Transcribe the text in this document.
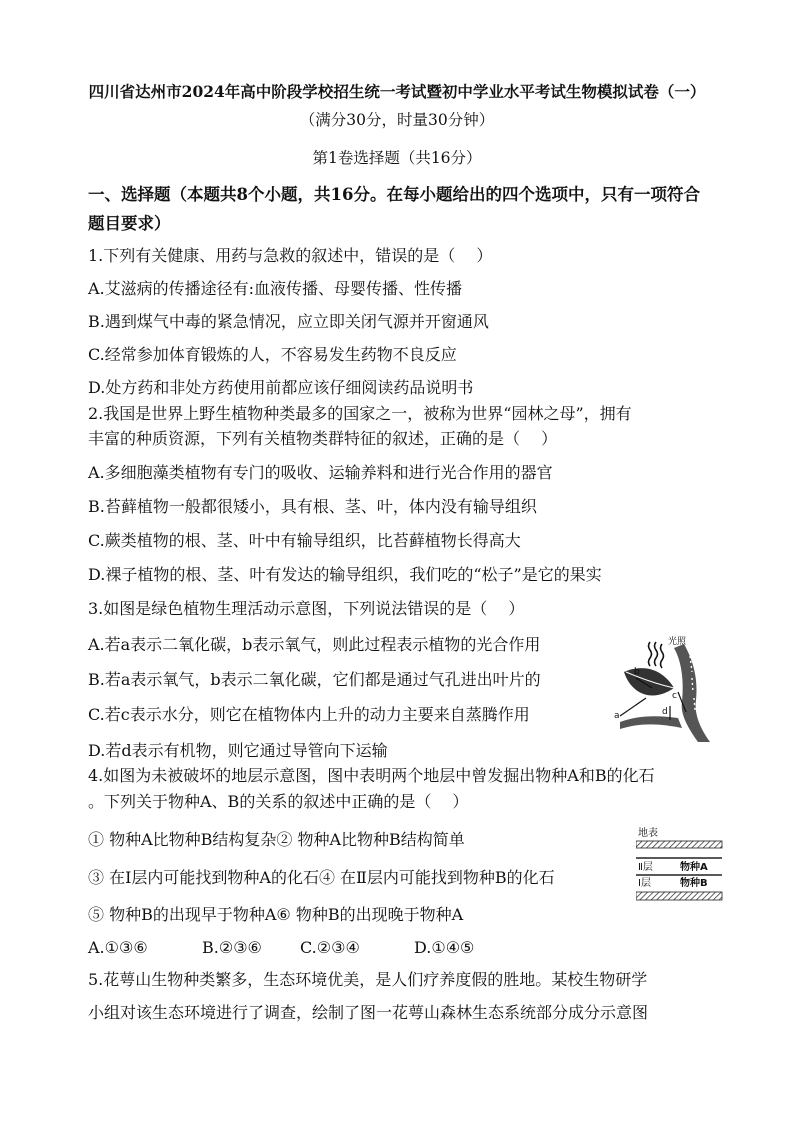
四川省达州市2024年高中阶段学校招生统一考试暨初中学业水平考试生物模拟试卷（一）
（满分30分，时量30分钟）
第1卷选择题（共16分）
一、选择题（本题共8个小题，共16分。在每小题给出的四个选项中，只有一项符合题目要求）
1.下列有关健康、用药与急救的叙述中，错误的是（　 ）
A.艾滋病的传播途径有:血液传播、母婴传播、性传播
B.遇到煤气中毒的紧急情况，应立即关闭气源并开窗通风
C.经常参加体育锻炼的人，不容易发生药物不良反应
D.处方药和非处方药使用前都应该仔细阅读药品说明书
2.我国是世界上野生植物种类最多的国家之一，被称为世界“园林之母”，拥有
丰富的种质资源，下列有关植物类群特征的叙述，正确的是（　 ）
A.多细胞藻类植物有专门的吸收、运输养料和进行光合作用的器官
B.苔藓植物一般都很矮小，具有根、茎、叶，体内没有输导组织
C.蕨类植物的根、茎、叶中有输导组织，比苔藓植物长得高大
D.裸子植物的根、茎、叶有发达的输导组织，我们吃的“松子”是它的果实
3.如图是绿色植物生理活动示意图，下列说法错误的是（　 ）
A.若a表示二氧化碳，b表示氧气，则此过程表示植物的光合作用
B.若a表示氧气，b表示二氧化碳，它们都是通过气孔进出叶片的
C.若c表示水分，则它在植物体内上升的动力主要来自蒸腾作用
D.若d表示有机物，则它通过导管向下运输
光照
b
a
c
d
4.如图为未被破坏的地层示意图，图中表明两个地层中曾发掘出物种A和B的化石
。下列关于物种A、B的关系的叙述中正确的是（　 ）
① 物种A比物种B结构复杂② 物种A比物种B结构简单
③ 在Ⅰ层内可能找到物种A的化石④ 在Ⅱ层内可能找到物种B的化石
⑤ 物种B的出现早于物种A⑥ 物种B的出现晚于物种A
A.①③⑥	B.②③⑥ C.②③④	D.①④⑤
地表
Ⅱ层	物种A
Ⅰ层	物种B
5.花萼山生物种类繁多，生态环境优美，是人们疗养度假的胜地。某校生物研学
小组对该生态环境进行了调查，绘制了图一花萼山森林生态系统部分成分示意图
